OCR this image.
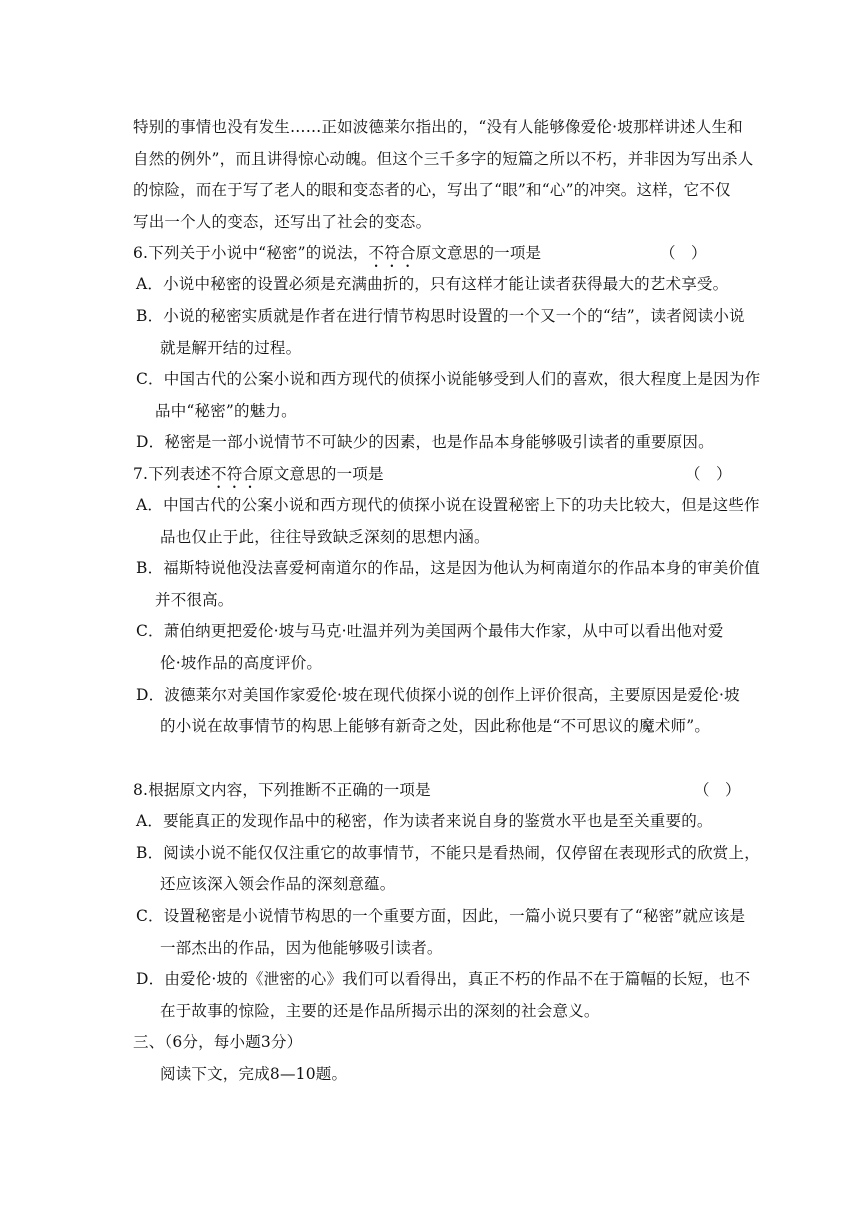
特别的事情也没有发生……正如波德莱尔指出的，“没有人能够像爱伦·坡那样讲述人生和
自然的例外”，而且讲得惊心动魄。但这个三千多字的短篇之所以不朽，并非因为写出杀人
的惊险，而在于写了老人的眼和变态者的心，写出了“眼”和“心”的冲突。这样，它不仅
写出一个人的变态，还写出了社会的变态。
6.下列关于小说中“秘密”的说法，不符合原文意思的一项是	（　）
A．小说中秘密的设置必须是充满曲折的，只有这样才能让读者获得最大的艺术享受。
B．小说的秘密实质就是作者在进行情节构思时设置的一个又一个的“结”，读者阅读小说
就是解开结的过程。
C．中国古代的公案小说和西方现代的侦探小说能够受到人们的喜欢，很大程度上是因为作
品中“秘密”的魅力。
D．秘密是一部小说情节不可缺少的因素，也是作品本身能够吸引读者的重要原因。
7.下列表述不符合原文意思的一项是	（　）
A．中国古代的公案小说和西方现代的侦探小说在设置秘密上下的功夫比较大，但是这些作
品也仅止于此，往往导致缺乏深刻的思想内涵。
B．福斯特说他没法喜爱柯南道尔的作品，这是因为他认为柯南道尔的作品本身的审美价值
并不很高。
C．萧伯纳更把爱伦·坡与马克·吐温并列为美国两个最伟大作家，从中可以看出他对爱
伦·坡作品的高度评价。
D．波德莱尔对美国作家爱伦·坡在现代侦探小说的创作上评价很高，主要原因是爱伦·坡
的小说在故事情节的构思上能够有新奇之处，因此称他是“不可思议的魔术师”。
8.根据原文内容，下列推断不正确的一项是	（　）
A．要能真正的发现作品中的秘密，作为读者来说自身的鉴赏水平也是至关重要的。
B．阅读小说不能仅仅注重它的故事情节，不能只是看热闹，仅停留在表现形式的欣赏上，
还应该深入领会作品的深刻意蕴。
C．设置秘密是小说情节构思的一个重要方面，因此，一篇小说只要有了“秘密”就应该是
一部杰出的作品，因为他能够吸引读者。
D．由爱伦·坡的《泄密的心》我们可以看得出，真正不朽的作品不在于篇幅的长短，也不
在于故事的惊险，主要的还是作品所揭示出的深刻的社会意义。
三、（6分，每小题3分）
阅读下文，完成8—10题。
